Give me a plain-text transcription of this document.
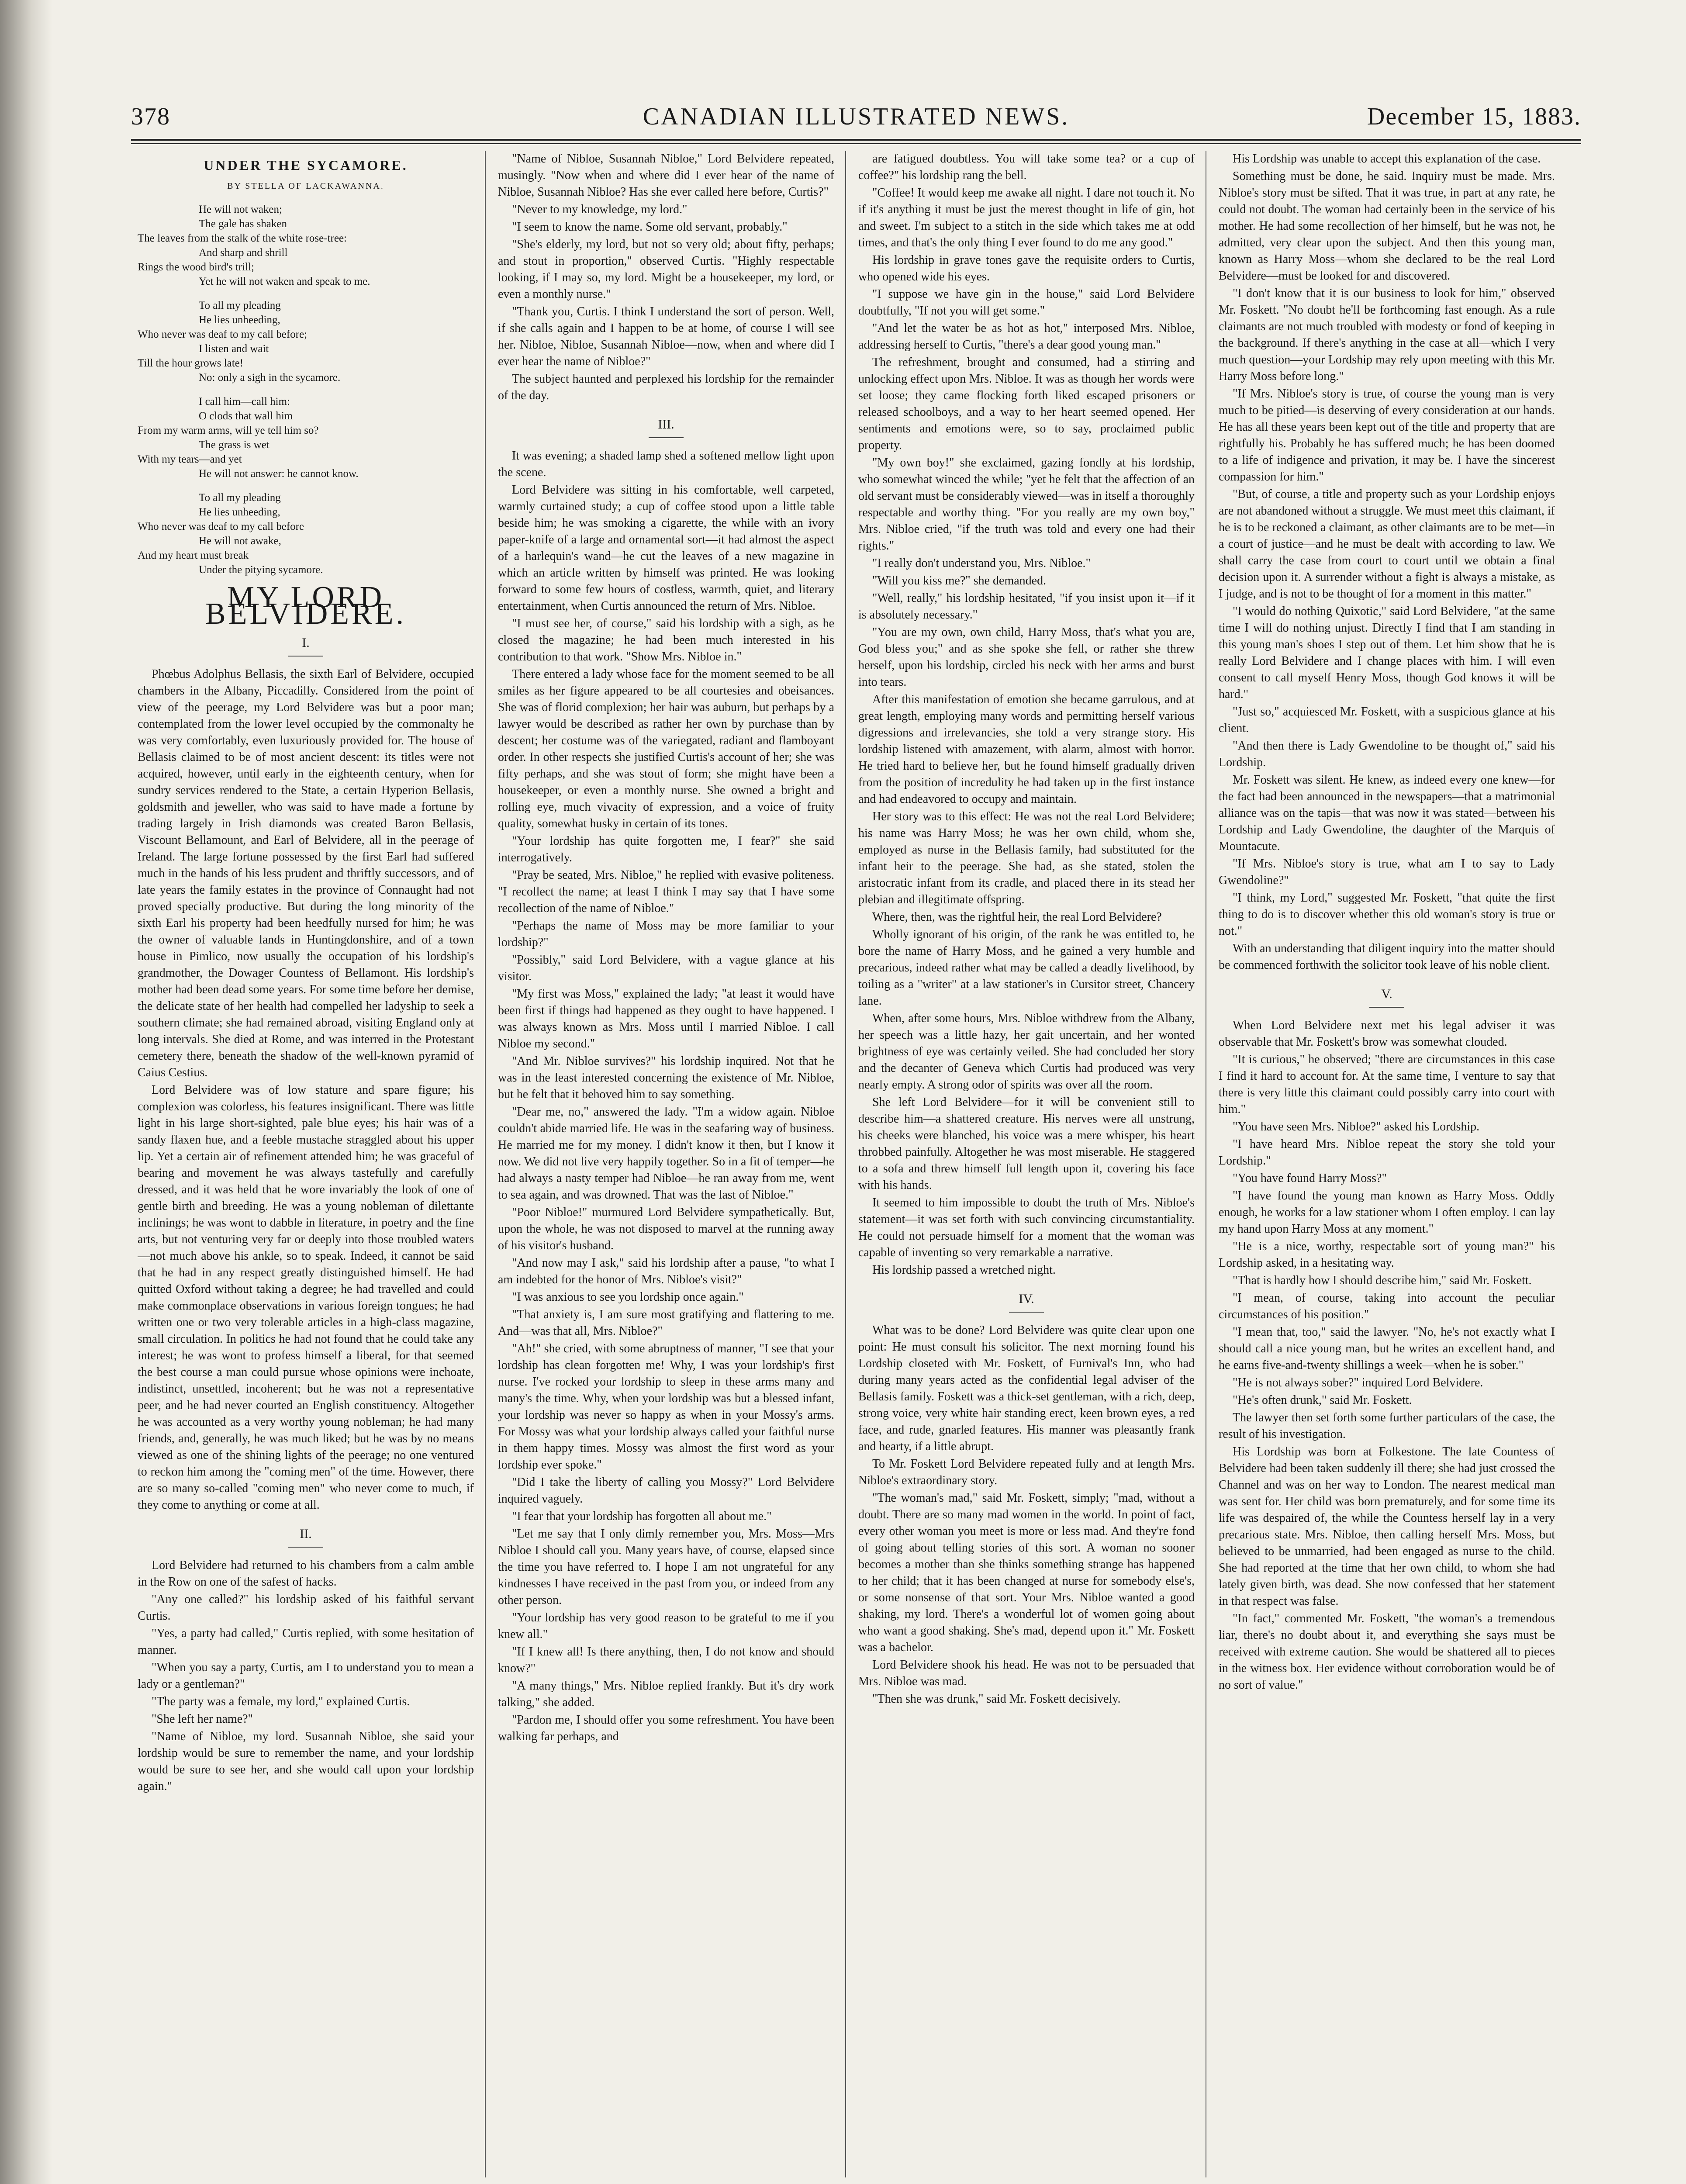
378	CANADIAN ILLUSTRATED NEWS.	December 15, 1883.
UNDER THE SYCAMORE.
BY STELLA OF LACKAWANNA.
He will not waken;
The gale has shaken
The leaves from the stalk of the white rose-tree:
And sharp and shrill
Rings the wood bird's trill;
Yet he will not waken and speak to me.
To all my pleading
He lies unheeding,
Who never was deaf to my call before;
I listen and wait
Till the hour grows late!
No: only a sigh in the sycamore.
I call him—call him:
O clods that wall him
From my warm arms, will ye tell him so?
The grass is wet
With my tears—and yet
He will not answer: he cannot know.
To all my pleading
He lies unheeding,
Who never was deaf to my call before
He will not awake,
And my heart must break
Under the pitying sycamore.
MY LORD BELVIDERE.
I.

Phœbus Adolphus Bellasis, the sixth Earl of Belvidere, occupied chambers in the Albany, Piccadilly. Considered from the point of view of the peerage, my Lord Belvidere was but a poor man; contemplated from the lower level occupied by the commonalty he was very comfortably, even luxuriously provided for. The house of Bellasis claimed to be of most ancient descent: its titles were not acquired, however, until early in the eighteenth century, when for sundry services rendered to the State, a certain Hyperion Bellasis, goldsmith and jeweller, who was said to have made a fortune by trading largely in Irish diamonds was created Baron Bellasis, Viscount Bellamount, and Earl of Belvidere, all in the peerage of Ireland. The large fortune possessed by the first Earl had suffered much in the hands of his less prudent and thriftly successors, and of late years the family estates in the province of Connaught had not proved specially productive. But during the long minority of the sixth Earl his property had been heedfully nursed for him; he was the owner of valuable lands in Huntingdonshire, and of a town house in Pimlico, now usually the occupation of his lordship's grandmother, the Dowager Countess of Bellamont. His lordship's mother had been dead some years. For some time before her demise, the delicate state of her health had compelled her ladyship to seek a southern climate; she had remained abroad, visiting England only at long intervals. She died at Rome, and was interred in the Protestant cemetery there, beneath the shadow of the well-known pyramid of Caius Cestius.

Lord Belvidere was of low stature and spare figure; his complexion was colorless, his features insignificant. There was little light in his large short-sighted, pale blue eyes; his hair was of a sandy flaxen hue, and a feeble mustache straggled about his upper lip. Yet a certain air of refinement attended him; he was graceful of bearing and movement he was always tastefully and carefully dressed, and it was held that he wore invariably the look of one of gentle birth and breeding. He was a young nobleman of dilettante inclinings; he was wont to dabble in literature, in poetry and the fine arts, but not venturing very far or deeply into those troubled waters—not much above his ankle, so to speak. Indeed, it cannot be said that he had in any respect greatly distinguished himself. He had quitted Oxford without taking a degree; he had travelled and could make commonplace observations in various foreign tongues; he had written one or two very tolerable articles in a high-class magazine, small circulation. In politics he had not found that he could take any interest; he was wont to profess himself a liberal, for that seemed the best course a man could pursue whose opinions were inchoate, indistinct, unsettled, incoherent; but he was not a representative peer, and he had never courted an English constituency. Altogether he was accounted as a very worthy young nobleman; he had many friends, and, generally, he was much liked; but he was by no means viewed as one of the shining lights of the peerage; no one ventured to reckon him among the "coming men" of the time. However, there are so many so-called "coming men" who never come to much, if they come to anything or come at all.

II.

Lord Belvidere had returned to his chambers from a calm amble in the Row on one of the safest of hacks.

"Any one called?" his lordship asked of his faithful servant Curtis.

"Yes, a party had called," Curtis replied, with some hesitation of manner.

"When you say a party, Curtis, am I to understand you to mean a lady or a gentleman?"

"The party was a female, my lord," explained Curtis.

"She left her name?"

"Name of Nibloe, my lord. Susannah Nibloe, she said your lordship would be sure to remember the name, and your lordship would be sure to see her, and she would call upon your lordship again."

"Name of Nibloe, Susannah Nibloe," Lord Belvidere repeated, musingly. "Now when and where did I ever hear of the name of Nibloe, Susannah Nibloe? Has she ever called here before, Curtis?"

"Never to my knowledge, my lord."

"I seem to know the name. Some old servant, probably."

"She's elderly, my lord, but not so very old; about fifty, perhaps; and stout in proportion," observed Curtis. "Highly respectable looking, if I may so, my lord. Might be a housekeeper, my lord, or even a monthly nurse."

"Thank you, Curtis. I think I understand the sort of person. Well, if she calls again and I happen to be at home, of course I will see her. Nibloe, Nibloe, Susannah Nibloe—now, when and where did I ever hear the name of Nibloe?"

The subject haunted and perplexed his lordship for the remainder of the day.

III.

It was evening; a shaded lamp shed a softened mellow light upon the scene.

Lord Belvidere was sitting in his comfortable, well carpeted, warmly curtained study; a cup of coffee stood upon a little table beside him; he was smoking a cigarette, the while with an ivory paper-knife of a large and ornamental sort—it had almost the aspect of a harlequin's wand—he cut the leaves of a new magazine in which an article written by himself was printed. He was looking forward to some few hours of costless, warmth, quiet, and literary entertainment, when Curtis announced the return of Mrs. Nibloe.

"I must see her, of course," said his lordship with a sigh, as he closed the magazine; he had been much interested in his contribution to that work. "Show Mrs. Nibloe in."

There entered a lady whose face for the moment seemed to be all smiles as her figure appeared to be all courtesies and obeisances. She was of florid complexion; her hair was auburn, but perhaps by a lawyer would be described as rather her own by purchase than by descent; her costume was of the variegated, radiant and flamboyant order. In other respects she justified Curtis's account of her; she was fifty perhaps, and she was stout of form; she might have been a housekeeper, or even a monthly nurse. She owned a bright and rolling eye, much vivacity of expression, and a voice of fruity quality, somewhat husky in certain of its tones.

"Your lordship has quite forgotten me, I fear?" she said interrogatively.

"Pray be seated, Mrs. Nibloe," he replied with evasive politeness. "I recollect the name; at least I think I may say that I have some recollection of the name of Nibloe."

"Perhaps the name of Moss may be more familiar to your lordship?"

"Possibly," said Lord Belvidere, with a vague glance at his visitor.

"My first was Moss," explained the lady; "at least it would have been first if things had happened as they ought to have happened. I was always known as Mrs. Moss until I married Nibloe. I call Nibloe my second."

"And Mr. Nibloe survives?" his lordship inquired. Not that he was in the least interested concerning the existence of Mr. Nibloe, but he felt that it behoved him to say something.

"Dear me, no," answered the lady. "I'm a widow again. Nibloe couldn't abide married life. He was in the seafaring way of business. He married me for my money. I didn't know it then, but I know it now. We did not live very happily together. So in a fit of temper—he had always a nasty temper had Nibloe—he ran away from me, went to sea again, and was drowned. That was the last of Nibloe."

"Poor Nibloe!" murmured Lord Belvidere sympathetically. But, upon the whole, he was not disposed to marvel at the running away of his visitor's husband.

"And now may I ask," said his lordship after a pause, "to what I am indebted for the honor of Mrs. Nibloe's visit?"

"I was anxious to see you lordship once again."

"That anxiety is, I am sure most gratifying and flattering to me. And—was that all, Mrs. Nibloe?"

"Ah!" she cried, with some abruptness of manner, "I see that your lordship has clean forgotten me! Why, I was your lordship's first nurse. I've rocked your lordship to sleep in these arms many and many's the time. Why, when your lordship was but a blessed infant, your lordship was never so happy as when in your Mossy's arms. For Mossy was what your lordship always called your faithful nurse in them happy times. Mossy was almost the first word as your lordship ever spoke."

"Did I take the liberty of calling you Mossy?" Lord Belvidere inquired vaguely.

"I fear that your lordship has forgotten all about me."

"Let me say that I only dimly remember you, Mrs. Moss—Mrs Nibloe I should call you. Many years have, of course, elapsed since the time you have referred to. I hope I am not ungrateful for any kindnesses I have received in the past from you, or indeed from any other person.

"Your lordship has very good reason to be grateful to me if you knew all."

"If I knew all! Is there anything, then, I do not know and should know?"

"A many things," Mrs. Nibloe replied frankly. But it's dry work talking," she added.

"Pardon me, I should offer you some refreshment. You have been walking far perhaps, and

are fatigued doubtless. You will take some tea? or a cup of coffee?" his lordship rang the bell.

"Coffee! It would keep me awake all night. I dare not touch it. No if it's anything it must be just the merest thought in life of gin, hot and sweet. I'm subject to a stitch in the side which takes me at odd times, and that's the only thing I ever found to do me any good."

His lordship in grave tones gave the requisite orders to Curtis, who opened wide his eyes.

"I suppose we have gin in the house," said Lord Belvidere doubtfully, "If not you will get some."

"And let the water be as hot as hot," interposed Mrs. Nibloe, addressing herself to Curtis, "there's a dear good young man."

The refreshment, brought and consumed, had a stirring and unlocking effect upon Mrs. Nibloe. It was as though her words were set loose; they came flocking forth liked escaped prisoners or released schoolboys, and a way to her heart seemed opened. Her sentiments and emotions were, so to say, proclaimed public property.

"My own boy!" she exclaimed, gazing fondly at his lordship, who somewhat winced the while; "yet he felt that the affection of an old servant must be considerably viewed—was in itself a thoroughly respectable and worthy thing. "For you really are my own boy," Mrs. Nibloe cried, "if the truth was told and every one had their rights."

"I really don't understand you, Mrs. Nibloe."

"Will you kiss me?" she demanded.

"Well, really," his lordship hesitated, "if you insist upon it—if it is absolutely necessary."

"You are my own, own child, Harry Moss, that's what you are, God bless you;" and as she spoke she fell, or rather she threw herself, upon his lordship, circled his neck with her arms and burst into tears.

After this manifestation of emotion she became garrulous, and at great length, employing many words and permitting herself various digressions and irrelevancies, she told a very strange story. His lordship listened with amazement, with alarm, almost with horror. He tried hard to believe her, but he found himself gradually driven from the position of incredulity he had taken up in the first instance and had endeavored to occupy and maintain.

Her story was to this effect: He was not the real Lord Belvidere; his name was Harry Moss; he was her own child, whom she, employed as nurse in the Bellasis family, had substituted for the infant heir to the peerage. She had, as she stated, stolen the aristocratic infant from its cradle, and placed there in its stead her plebian and illegitimate offspring.

Where, then, was the rightful heir, the real Lord Belvidere?

Wholly ignorant of his origin, of the rank he was entitled to, he bore the name of Harry Moss, and he gained a very humble and precarious, indeed rather what may be called a deadly livelihood, by toiling as a "writer" at a law stationer's in Cursitor street, Chancery lane.

When, after some hours, Mrs. Nibloe withdrew from the Albany, her speech was a little hazy, her gait uncertain, and her wonted brightness of eye was certainly veiled. She had concluded her story and the decanter of Geneva which Curtis had produced was very nearly empty. A strong odor of spirits was over all the room.

She left Lord Belvidere—for it will be convenient still to describe him—a shattered creature. His nerves were all unstrung, his cheeks were blanched, his voice was a mere whisper, his heart throbbed painfully. Altogether he was most miserable. He staggered to a sofa and threw himself full length upon it, covering his face with his hands.

It seemed to him impossible to doubt the truth of Mrs. Nibloe's statement—it was set forth with such convincing circumstantiality. He could not persuade himself for a moment that the woman was capable of inventing so very remarkable a narrative.

His lordship passed a wretched night.

IV.

What was to be done? Lord Belvidere was quite clear upon one point: He must consult his solicitor. The next morning found his Lordship closeted with Mr. Foskett, of Furnival's Inn, who had during many years acted as the confidential legal adviser of the Bellasis family. Foskett was a thick-set gentleman, with a rich, deep, strong voice, very white hair standing erect, keen brown eyes, a red face, and rude, gnarled features. His manner was pleasantly frank and hearty, if a little abrupt.

To Mr. Foskett Lord Belvidere repeated fully and at length Mrs. Nibloe's extraordinary story.

"The woman's mad," said Mr. Foskett, simply; "mad, without a doubt. There are so many mad women in the world. In point of fact, every other woman you meet is more or less mad. And they're fond of going about telling stories of this sort. A woman no sooner becomes a mother than she thinks something strange has happened to her child; that it has been changed at nurse for somebody else's, or some nonsense of that sort. Your Mrs. Nibloe wanted a good shaking, my lord. There's a wonderful lot of women going about who want a good shaking. She's mad, depend upon it." Mr. Foskett was a bachelor.

Lord Belvidere shook his head. He was not to be persuaded that Mrs. Nibloe was mad.

"Then she was drunk," said Mr. Foskett decisively.

His Lordship was unable to accept this explanation of the case.

Something must be done, he said. Inquiry must be made. Mrs. Nibloe's story must be sifted. That it was true, in part at any rate, he could not doubt. The woman had certainly been in the service of his mother. He had some recollection of her himself, but he was not, he admitted, very clear upon the subject. And then this young man, known as Harry Moss—whom she declared to be the real Lord Belvidere—must be looked for and discovered.

"I don't know that it is our business to look for him," observed Mr. Foskett. "No doubt he'll be forthcoming fast enough. As a rule claimants are not much troubled with modesty or fond of keeping in the background. If there's anything in the case at all—which I very much question—your Lordship may rely upon meeting with this Mr. Harry Moss before long."

"If Mrs. Nibloe's story is true, of course the young man is very much to be pitied—is deserving of every consideration at our hands. He has all these years been kept out of the title and property that are rightfully his. Probably he has suffered much; he has been doomed to a life of indigence and privation, it may be. I have the sincerest compassion for him."

"But, of course, a title and property such as your Lordship enjoys are not abandoned without a struggle. We must meet this claimant, if he is to be reckoned a claimant, as other claimants are to be met—in a court of justice—and he must be dealt with according to law. We shall carry the case from court to court until we obtain a final decision upon it. A surrender without a fight is always a mistake, as I judge, and is not to be thought of for a moment in this matter."

"I would do nothing Quixotic," said Lord Belvidere, "at the same time I will do nothing unjust. Directly I find that I am standing in this young man's shoes I step out of them. Let him show that he is really Lord Belvidere and I change places with him. I will even consent to call myself Henry Moss, though God knows it will be hard."

"Just so," acquiesced Mr. Foskett, with a suspicious glance at his client.

"And then there is Lady Gwendoline to be thought of," said his Lordship.

Mr. Foskett was silent. He knew, as indeed every one knew—for the fact had been announced in the newspapers—that a matrimonial alliance was on the tapis—that was now it was stated—between his Lordship and Lady Gwendoline, the daughter of the Marquis of Mountacute.

"If Mrs. Nibloe's story is true, what am I to say to Lady Gwendoline?"

"I think, my Lord," suggested Mr. Foskett, "that quite the first thing to do is to discover whether this old woman's story is true or not."

With an understanding that diligent inquiry into the matter should be commenced forthwith the solicitor took leave of his noble client.

V.

When Lord Belvidere next met his legal adviser it was observable that Mr. Foskett's brow was somewhat clouded.

"It is curious," he observed; "there are circumstances in this case I find it hard to account for. At the same time, I venture to say that there is very little this claimant could possibly carry into court with him."

"You have seen Mrs. Nibloe?" asked his Lordship.

"I have heard Mrs. Nibloe repeat the story she told your Lordship."

"You have found Harry Moss?"

"I have found the young man known as Harry Moss. Oddly enough, he works for a law stationer whom I often employ. I can lay my hand upon Harry Moss at any moment."

"He is a nice, worthy, respectable sort of young man?" his Lordship asked, in a hesitating way.

"That is hardly how I should describe him," said Mr. Foskett.

"I mean, of course, taking into account the peculiar circumstances of his position."

"I mean that, too," said the lawyer. "No, he's not exactly what I should call a nice young man, but he writes an excellent hand, and he earns five-and-twenty shillings a week—when he is sober."

"He is not always sober?" inquired Lord Belvidere.

"He's often drunk," said Mr. Foskett.

The lawyer then set forth some further particulars of the case, the result of his investigation.

His Lordship was born at Folkestone. The late Countess of Belvidere had been taken suddenly ill there; she had just crossed the Channel and was on her way to London. The nearest medical man was sent for. Her child was born prematurely, and for some time its life was despaired of, the while the Countess herself lay in a very precarious state. Mrs. Nibloe, then calling herself Mrs. Moss, but believed to be unmarried, had been engaged as nurse to the child. She had reported at the time that her own child, to whom she had lately given birth, was dead. She now confessed that her statement in that respect was false.

"In fact," commented Mr. Foskett, "the woman's a tremendous liar, there's no doubt about it, and everything she says must be received with extreme caution. She would be shattered all to pieces in the witness box. Her evidence without corroboration would be of no sort of value."
